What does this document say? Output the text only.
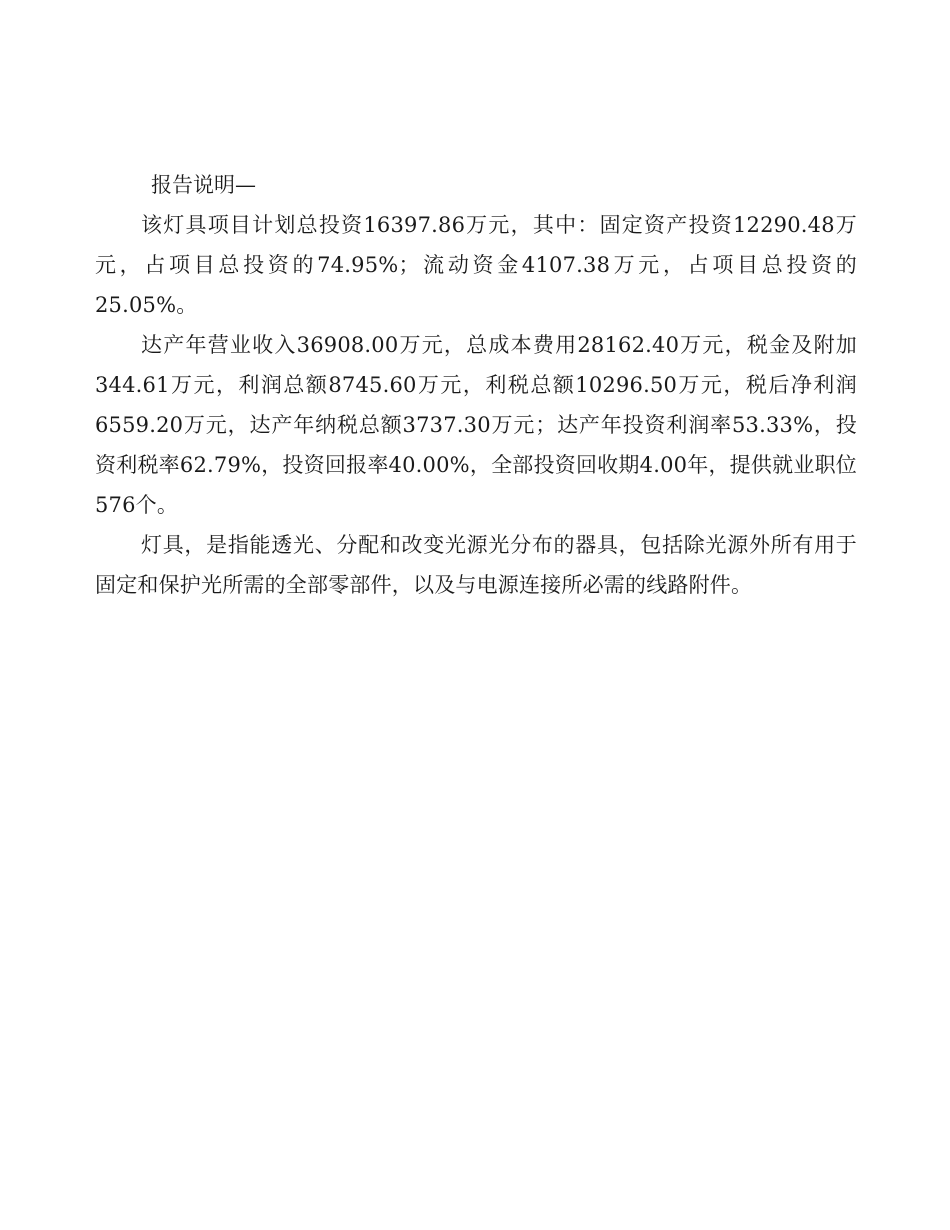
报告说明—

该灯具项目计划总投资16397.86万元，其中：固定资产投资12290.48万元，占项目总投资的74.95%；流动资金4107.38万元，占项目总投资的25.05%。

达产年营业收入36908.00万元，总成本费用28162.40万元，税金及附加344.61万元，利润总额8745.60万元，利税总额10296.50万元，税后净利润6559.20万元，达产年纳税总额3737.30万元；达产年投资利润率53.33%，投资利税率62.79%，投资回报率40.00%，全部投资回收期4.00年，提供就业职位576个。

灯具，是指能透光、分配和改变光源光分布的器具，包括除光源外所有用于固定和保护光所需的全部零部件，以及与电源连接所必需的线路附件。
